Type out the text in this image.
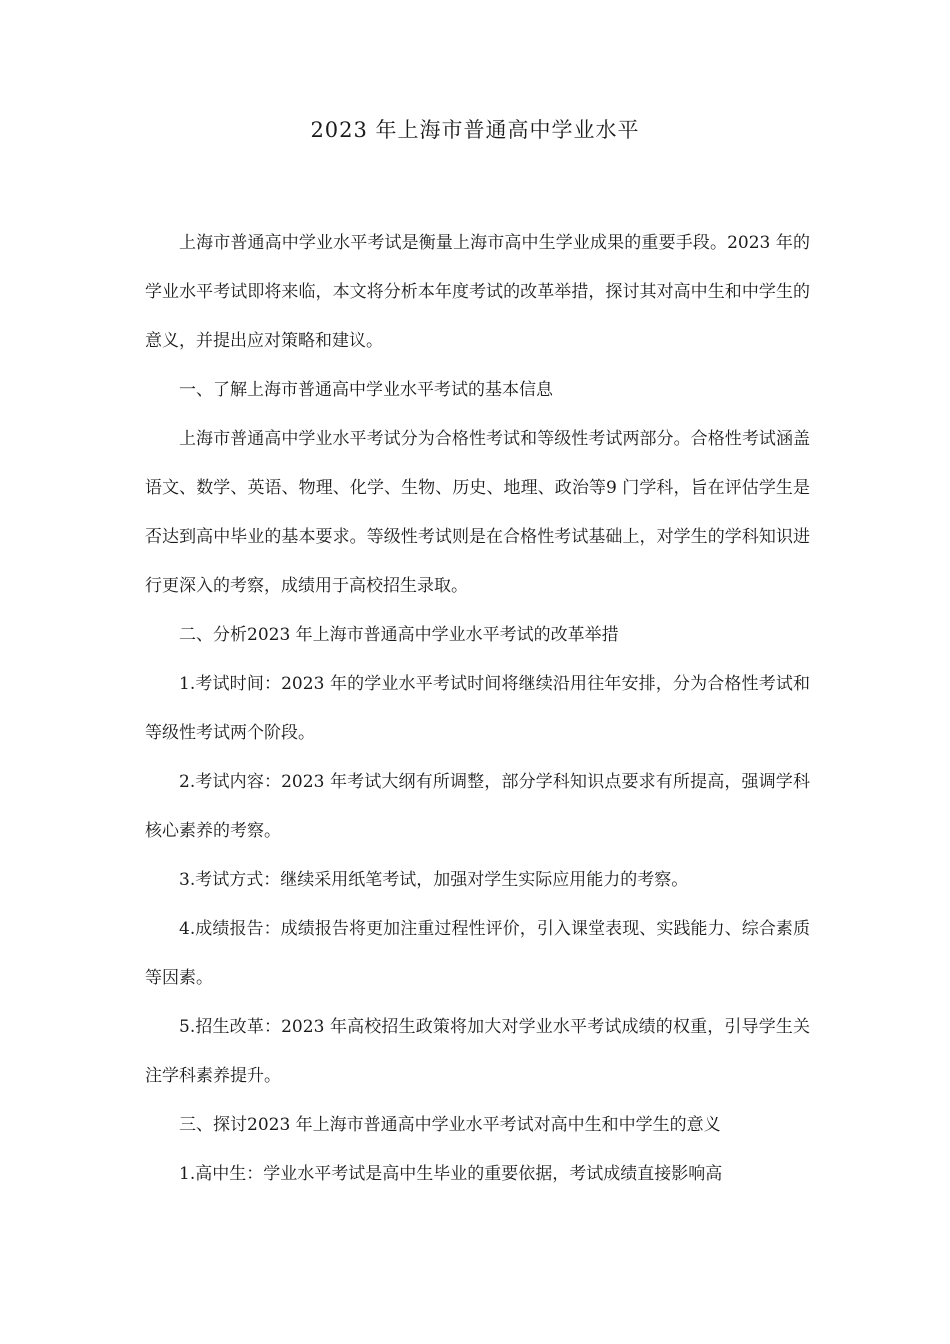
2023 年上海市普通高中学业水平

上海市普通高中学业水平考试是衡量上海市高中生学业成果的重要手段。2023 年的学业水平考试即将来临，本文将分析本年度考试的改革举措，探讨其对高中生和中学生的意义，并提出应对策略和建议。

一、了解上海市普通高中学业水平考试的基本信息

上海市普通高中学业水平考试分为合格性考试和等级性考试两部分。合格性考试涵盖语文、数学、英语、物理、化学、生物、历史、地理、政治等9 门学科，旨在评估学生是否达到高中毕业的基本要求。等级性考试则是在合格性考试基础上，对学生的学科知识进行更深入的考察，成绩用于高校招生录取。

二、分析2023 年上海市普通高中学业水平考试的改革举措

1.考试时间：2023 年的学业水平考试时间将继续沿用往年安排，分为合格性考试和等级性考试两个阶段。

2.考试内容：2023 年考试大纲有所调整，部分学科知识点要求有所提高，强调学科核心素养的考察。

3.考试方式：继续采用纸笔考试，加强对学生实际应用能力的考察。

4.成绩报告：成绩报告将更加注重过程性评价，引入课堂表现、实践能力、综合素质等因素。

5.招生改革：2023 年高校招生政策将加大对学业水平考试成绩的权重，引导学生关注学科素养提升。

三、探讨2023 年上海市普通高中学业水平考试对高中生和中学生的意义

1.高中生：学业水平考试是高中生毕业的重要依据，考试成绩直接影响高
